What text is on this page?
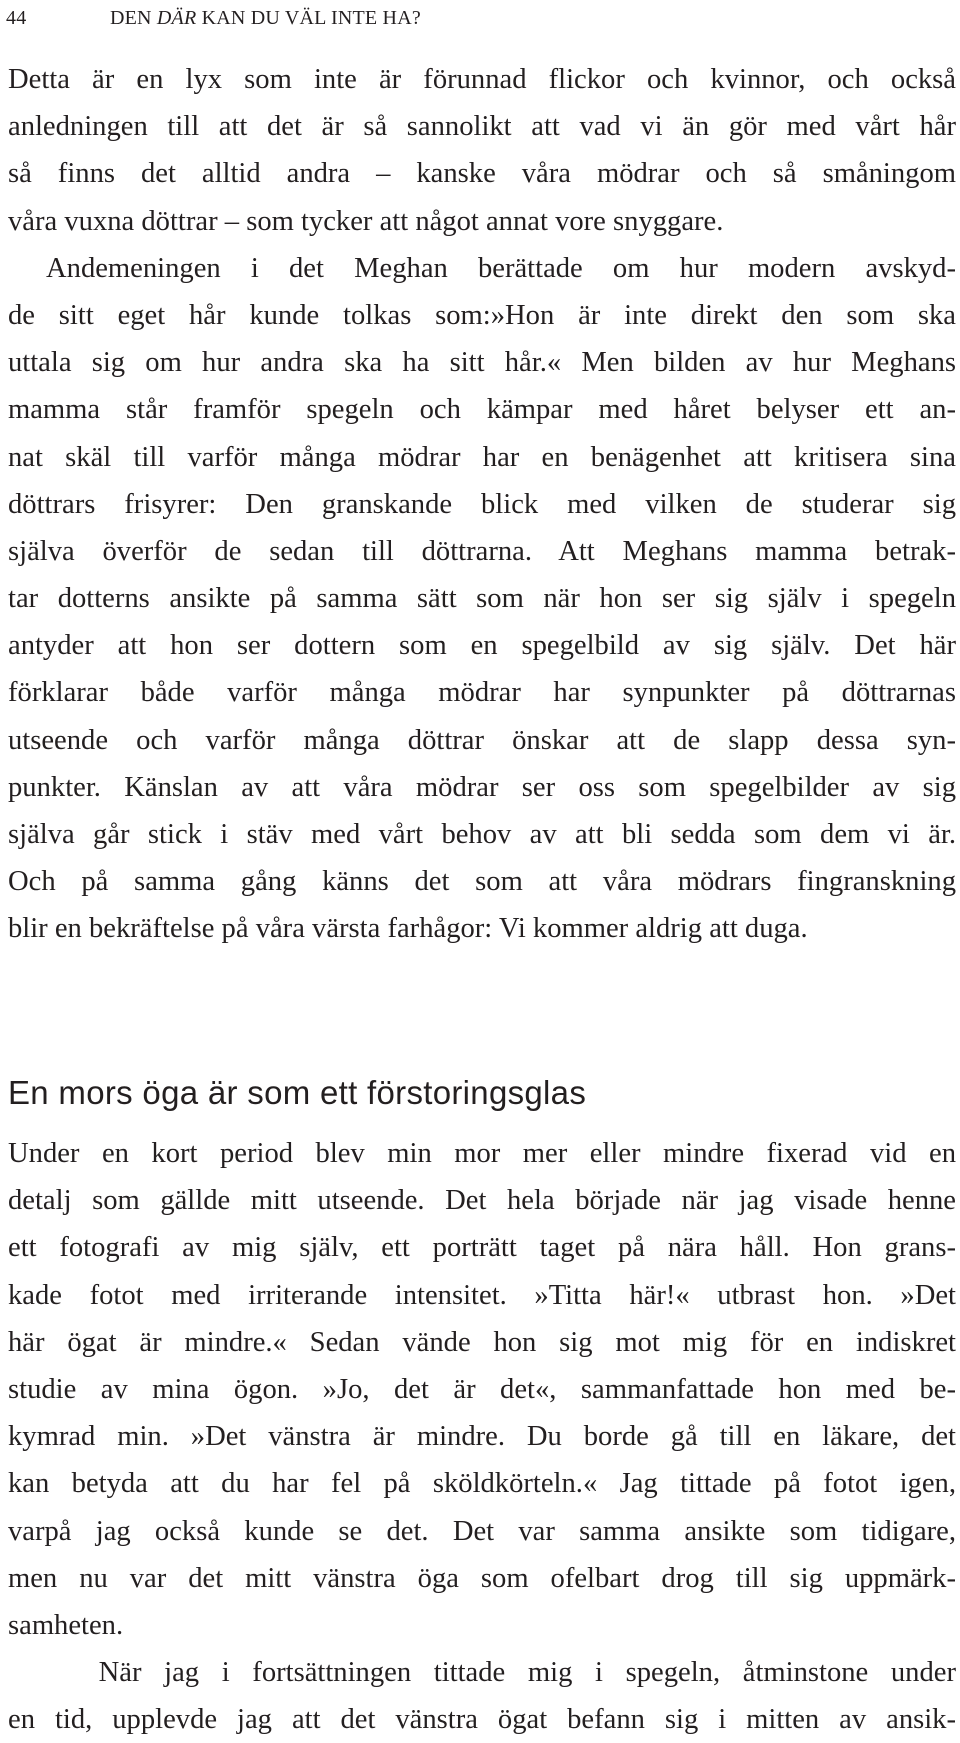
44	DEN DÄR KAN DU VÄL INTE HA?
Detta är en lyx som inte är förunnad flickor och kvinnor, och också
anledningen till att det är så sannolikt att vad vi än gör med vårt hår
så finns det alltid andra – kanske våra mödrar och så småningom
våra vuxna döttrar – som tycker att något annat vore snyggare.
Andemeningen i det Meghan berättade om hur modern avskyd-
de sitt eget hår kunde tolkas som:»Hon är inte direkt den som ska
uttala sig om hur andra ska ha sitt hår.« Men bilden av hur Meghans
mamma står framför spegeln och kämpar med håret belyser ett an-
nat skäl till varför många mödrar har en benägenhet att kritisera sina
döttrars frisyrer: Den granskande blick med vilken de studerar sig
själva överför de sedan till döttrarna. Att Meghans mamma betrak-
tar dotterns ansikte på samma sätt som när hon ser sig själv i spegeln
antyder att hon ser dottern som en spegelbild av sig själv. Det här
förklarar både varför många mödrar har synpunkter på döttrarnas
utseende och varför många döttrar önskar att de slapp dessa syn-
punkter. Känslan av att våra mödrar ser oss som spegelbilder av sig
själva går stick i stäv med vårt behov av att bli sedda som dem vi är.
Och på samma gång känns det som att våra mödrars fingranskning
blir en bekräftelse på våra värsta farhågor: Vi kommer aldrig att duga.
En mors öga är som ett förstoringsglas
Under en kort period blev min mor mer eller mindre fixerad vid en
detalj som gällde mitt utseende. Det hela började när jag visade henne
ett fotografi av mig själv, ett porträtt taget på nära håll. Hon grans-
kade fotot med irriterande intensitet. »Titta här!« utbrast hon. »Det
här ögat är mindre.« Sedan vände hon sig mot mig för en indiskret
studie av mina ögon. »Jo, det är det«, sammanfattade hon med be-
kymrad min. »Det vänstra är mindre. Du borde gå till en läkare, det
kan betyda att du har fel på sköldkörteln.« Jag tittade på fotot igen,
varpå jag också kunde se det. Det var samma ansikte som tidigare,
men nu var det mitt vänstra öga som ofelbart drog till sig uppmärk-
samheten.
När jag i fortsättningen tittade mig i spegeln, åtminstone under
en tid, upplevde jag att det vänstra ögat befann sig i mitten av ansik-
